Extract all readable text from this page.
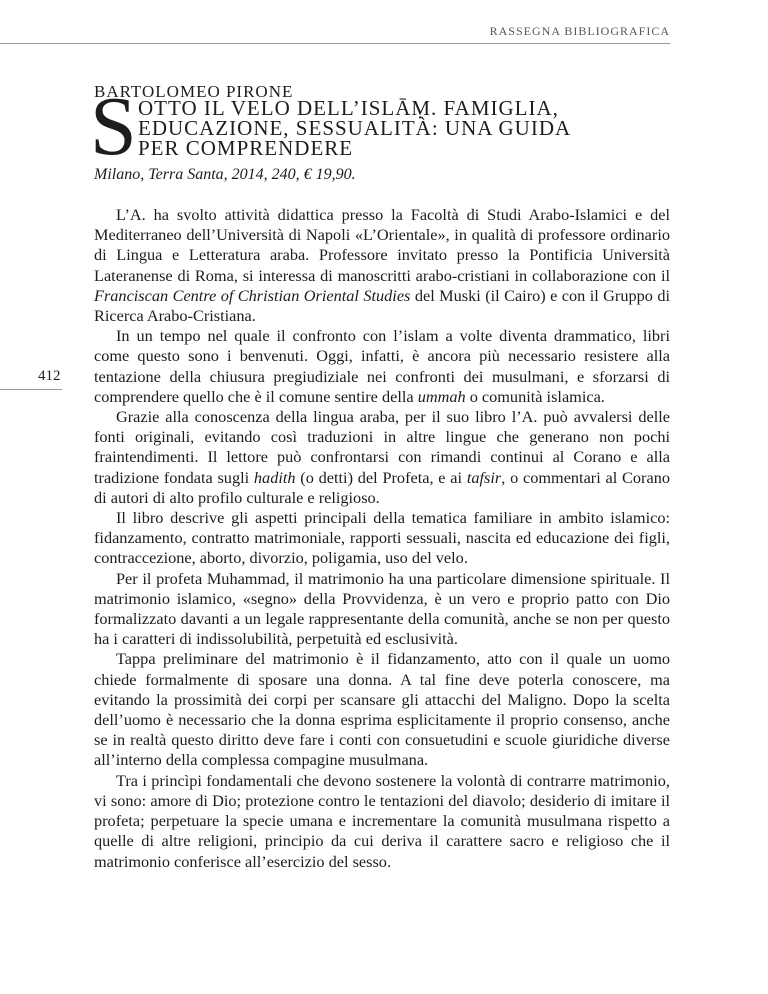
RASSEGNA BIBLIOGRAFICA
BARTOLOMEO PIRONE
S OTTO IL VELO DELL’ISLĀṂ. FAMIGLIA,
EDUCAZIONE, SESSUALITÀ: UNA GUIDA
PER COMPRENDERE
Milano, Terra Santa, 2014, 240, € 19,90.
412

L’A. ha svolto attività didattica presso la Facoltà di Studi Arabo-Islamici e del Mediterraneo dell’Università di Napoli «L’Orientale», in qualità di professore ordinario di Lingua e Letteratura araba. Professore invitato presso la Pontificia Università Lateranense di Roma, si interessa di manoscritti arabo-cristiani in collaborazione con il Franciscan Centre of Christian Oriental Studies del Muski (il Cairo) e con il Gruppo di Ricerca Arabo-Cristiana.

In un tempo nel quale il confronto con l’islam a volte diventa drammatico, libri come questo sono i benvenuti. Oggi, infatti, è ancora più necessario resistere alla tentazione della chiusura pregiudiziale nei confronti dei musulmani, e sforzarsi di comprendere quello che è il comune sentire della ummah o comunità islamica.

Grazie alla conoscenza della lingua araba, per il suo libro l’A. può avvalersi delle fonti originali, evitando così traduzioni in altre lingue che generano non pochi fraintendimenti. Il lettore può confrontarsi con rimandi continui al Corano e alla tradizione fondata sugli hadith (o detti) del Profeta, e ai tafsir, o commentari al Corano di autori di alto profilo culturale e religioso.

Il libro descrive gli aspetti principali della tematica familiare in ambito islamico: fidanzamento, contratto matrimoniale, rapporti sessuali, nascita ed educazione dei figli, contraccezione, aborto, divorzio, poligamia, uso del velo.

Per il profeta Muhammad, il matrimonio ha una particolare dimensione spirituale. Il matrimonio islamico, «segno» della Provvidenza, è un vero e proprio patto con Dio formalizzato davanti a un legale rappresentante della comunità, anche se non per questo ha i caratteri di indissolubilità, perpetuità ed esclusività.

Tappa preliminare del matrimonio è il fidanzamento, atto con il quale un uomo chiede formalmente di sposare una donna. A tal fine deve poterla conoscere, ma evitando la prossimità dei corpi per scansare gli attacchi del Maligno. Dopo la scelta dell’uomo è necessario che la donna esprima esplicitamente il proprio consenso, anche se in realtà questo diritto deve fare i conti con consuetudini e scuole giuridiche diverse all’interno della complessa compagine musulmana.

Tra i princìpi fondamentali che devono sostenere la volontà di contrarre matrimonio, vi sono: amore di Dio; protezione contro le tentazioni del diavolo; desiderio di imitare il profeta; perpetuare la specie umana e incrementare la comunità musulmana rispetto a quelle di altre religioni, principio da cui deriva il carattere sacro e religioso che il matrimonio conferisce all’esercizio del sesso.
